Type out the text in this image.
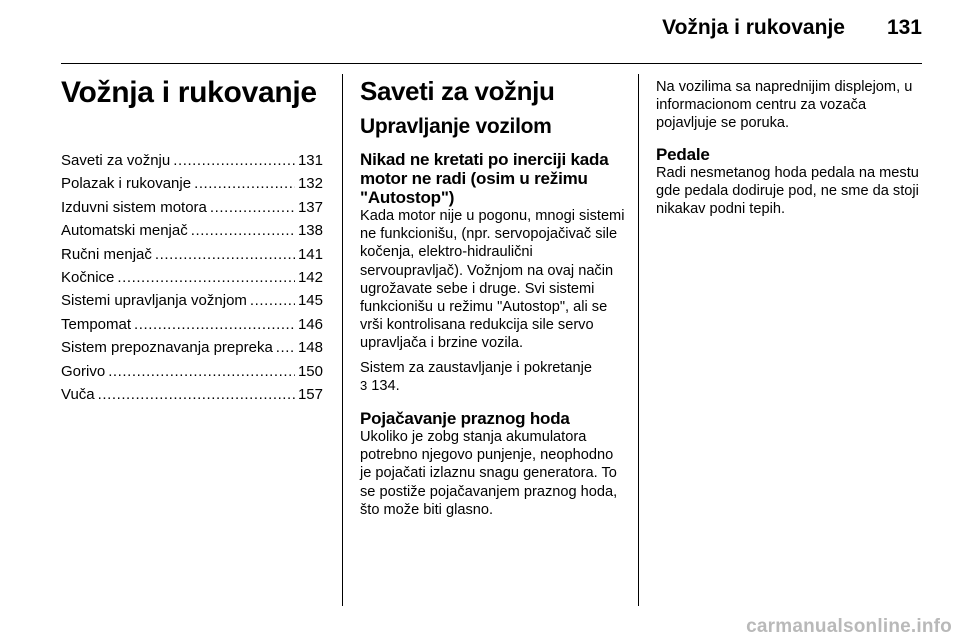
Vožnja i rukovanje 131
Vožnja i rukovanje
Saveti za vožnju . . .	131
Polazak i rukovanje . . .	132
Izduvni sistem motora . . .	137
Automatski menjač . . .	138
Ručni menjač . . .	141
Kočnice . . .	142
Sistemi upravljanja vožnjom . . .	145
Tempomat . . .	146
Sistem prepoznavanja prepreka . . . 148
Gorivo . . .	150
Vuča . . .	157
Saveti za vožnju
Upravljanje vozilom
Nikad ne kretati po inerciji kada motor ne radi (osim u režimu "Autostop")

Kada motor nije u pogonu, mnogi sistemi ne funkcionišu, (npr. servopojačivač sile kočenja, elektro-hidraulični servoupravljač). Vožnjom na ovaj način ugrožavate sebe i druge. Svi sistemi funkcionišu u režimu "Autostop", ali se vrši kontrolisana redukcija sile servo upravljača i brzine vozila.

Sistem za zaustavljanje i pokretanje
3 134.

Pojačavanje praznog hoda

Ukoliko je zobg stanja akumulatora potrebno njegovo punjenje, neophodno je pojačati izlaznu snagu generatora. To se postiže pojačavanjem praznog hoda, što može biti glasno.

Na vozilima sa naprednijim displejom, u informacionom centru za vozača pojavljuje se poruka.

Pedale

Radi nesmetanog hoda pedala na mestu gde pedala dodiruje pod, ne sme da stoji nikakav podni tepih.

carmanualsonline.info
